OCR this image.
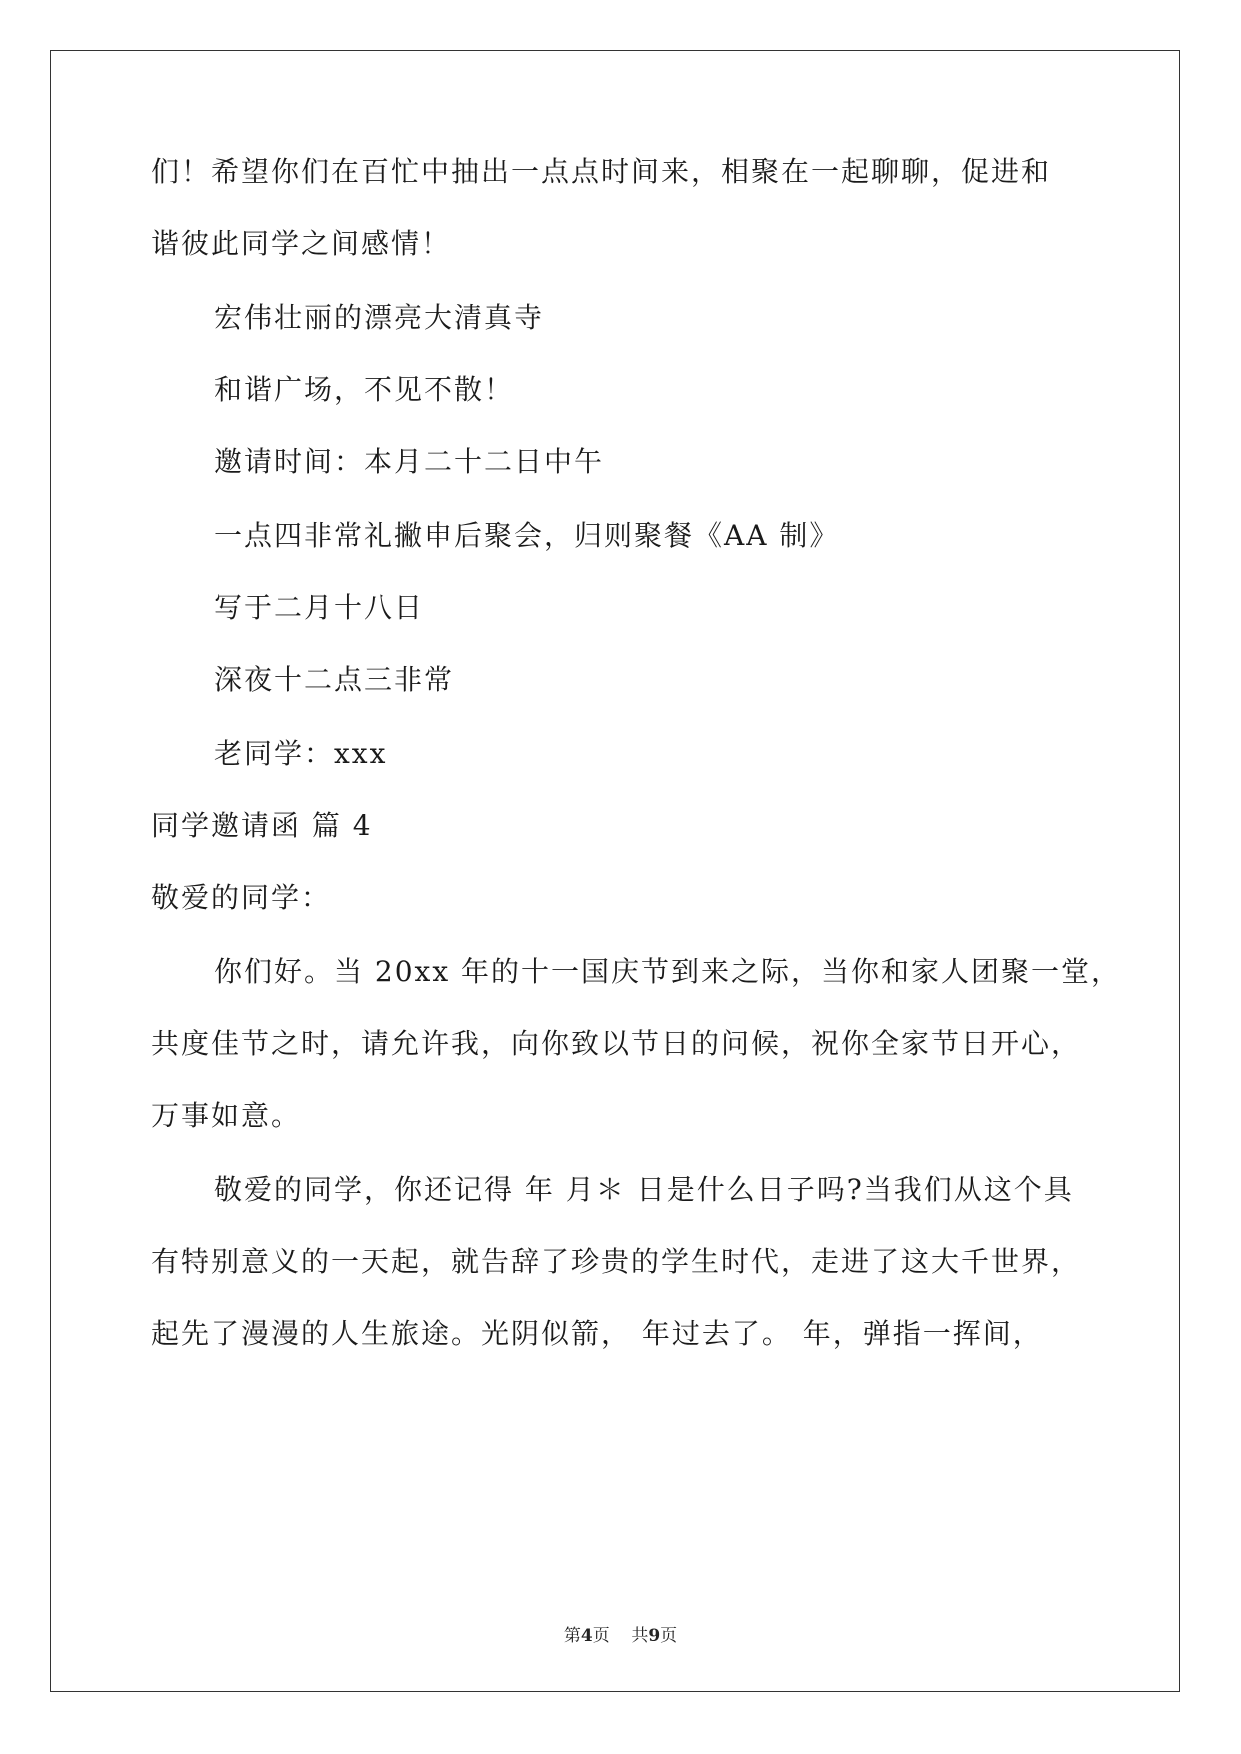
们！希望你们在百忙中抽出一点点时间来，相聚在一起聊聊，促进和
谐彼此同学之间感情！
宏伟壮丽的漂亮大清真寺
和谐广场，不见不散！
邀请时间：本月二十二日中午
一点四非常礼撇申后聚会，归则聚餐《AA 制》
写于二月十八日
深夜十二点三非常
老同学：xxx
同学邀请函 篇 4
敬爱的同学：
你们好。当 20xx 年的十一国庆节到来之际，当你和家人团聚一堂，
共度佳节之时，请允许我，向你致以节日的问候，祝你全家节日开心，
万事如意。
敬爱的同学，你还记得 年 月＊ 日是什么日子吗?当我们从这个具
有特别意义的一天起，就告辞了珍贵的学生时代，走进了这大千世界，
起先了漫漫的人生旅途。光阴似箭， 年过去了。 年，弹指一挥间，
第4页 共9页
